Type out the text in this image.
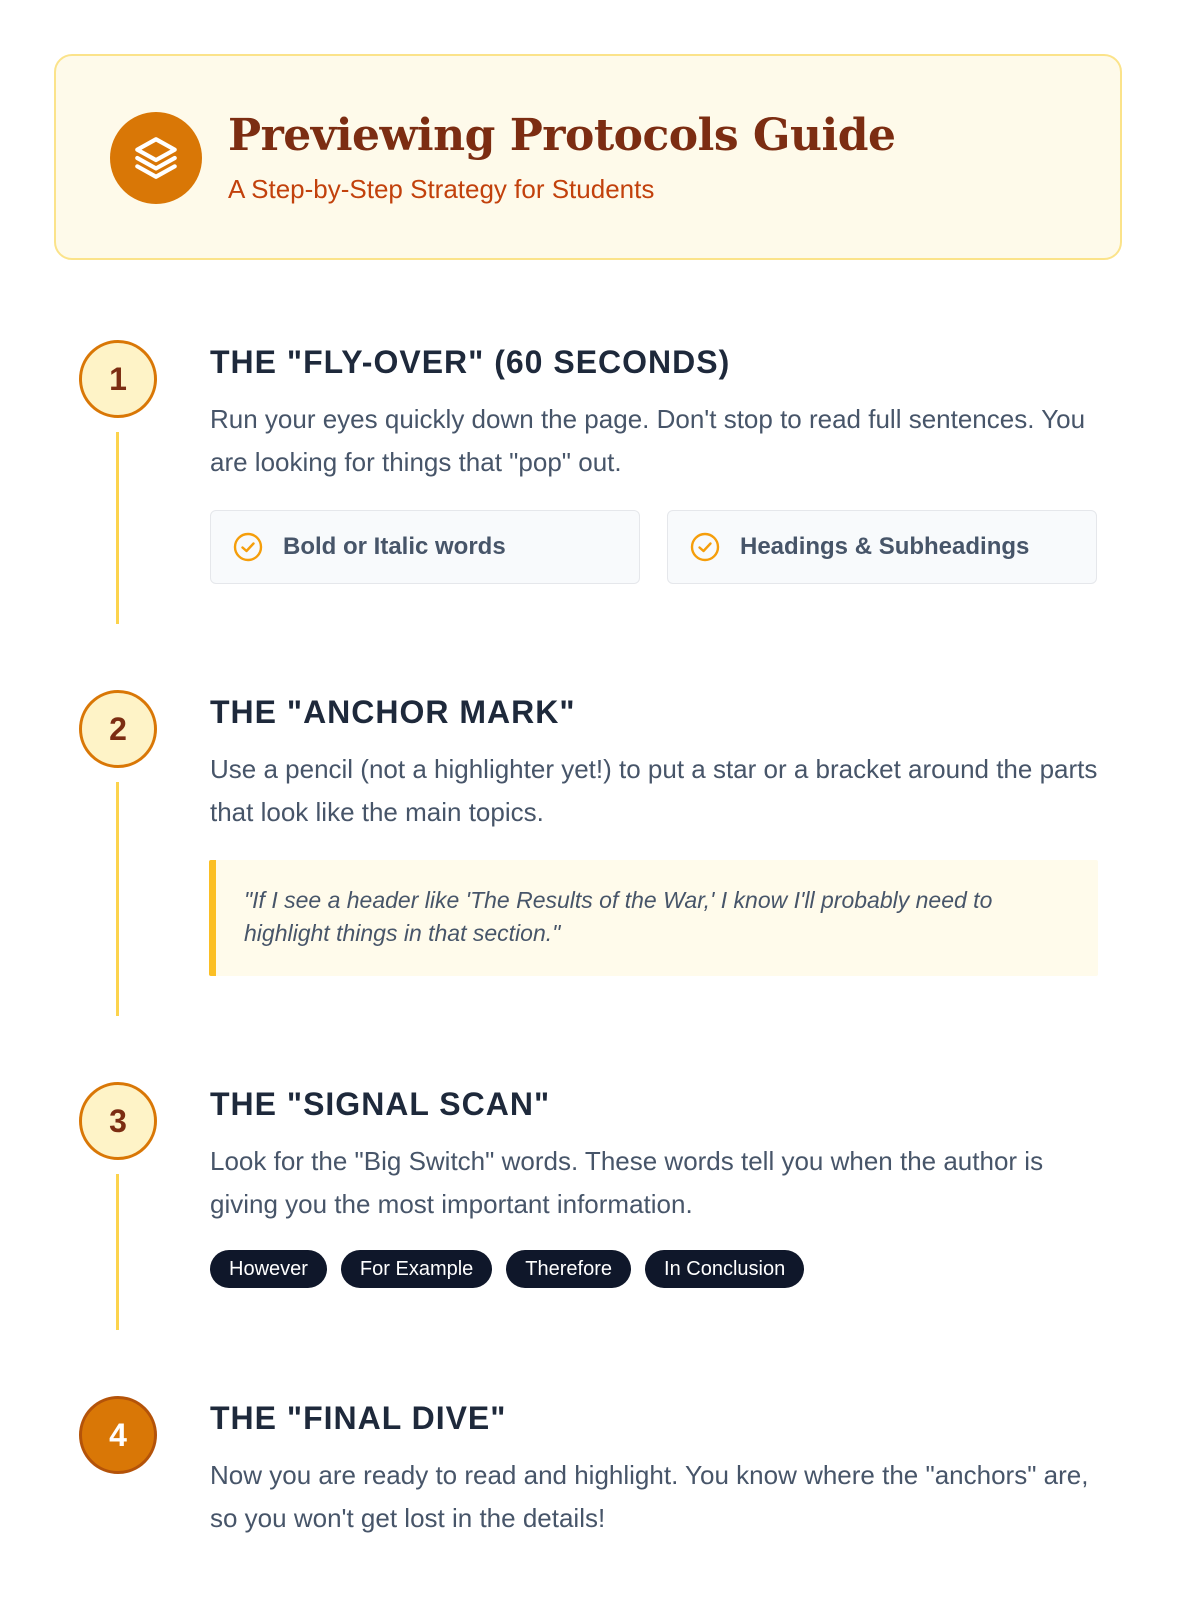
Previewing Protocols Guide
A Step-by-Step Strategy for Students
1	THE "FLY-OVER" (60 SECONDS)
Run your eyes quickly down the page. Don't stop to read full sentences. You are looking for things that "pop" out.
Bold or Italic words	Headings & Subheadings
2	THE "ANCHOR MARK"
Use a pencil (not a highlighter yet!) to put a star or a bracket around the parts that look like the main topics.
"If I see a header like 'The Results of the War,' I know I'll probably need to highlight things in that section."
3	THE "SIGNAL SCAN"
Look for the "Big Switch" words. These words tell you when the author is giving you the most important information.
However	For Example	Therefore	In Conclusion
4	THE "FINAL DIVE"
Now you are ready to read and highlight. You know where the "anchors" are, so you won't get lost in the details!
